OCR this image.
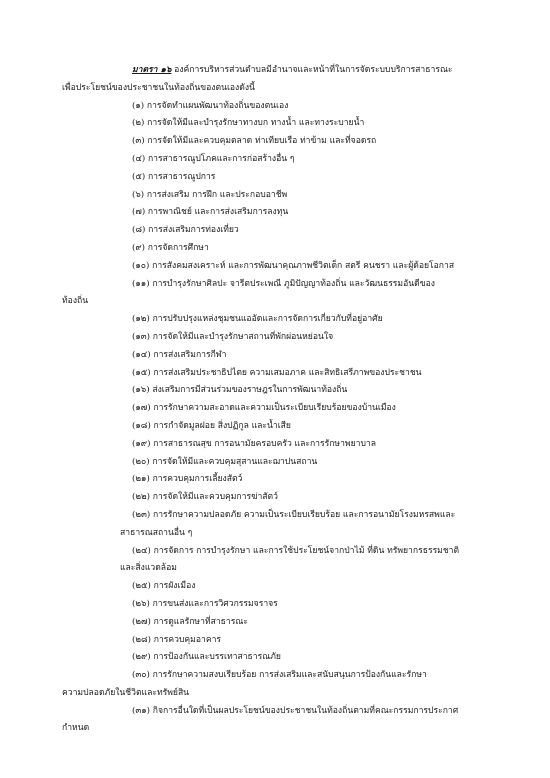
มาตรา ๑๖ องค์การบริหารส่วนตำบลมีอำนาจและหน้าที่ในการจัดระบบบริการสาธารณะ
เพื่อประโยชน์ของประชาชนในท้องถิ่นของตนเองดังนี้
(๑) การจัดทำแผนพัฒนาท้องถิ่นของตนเอง
(๒) การจัดให้มีและบำรุงรักษาทางบก ทางน้ำ และทางระบายน้ำ
(๓) การจัดให้มีและควบคุมตลาด ท่าเทียบเรือ ท่าข้าม และที่จอดรถ
(๔) การสาธารณูปโภคและการก่อสร้างอื่น ๆ
(๕) การสาธารณูปการ
(๖) การส่งเสริม การฝึก และประกอบอาชีพ
(๗) การพาณิชย์ และการส่งเสริมการลงทุน
(๘) การส่งเสริมการท่องเที่ยว
(๙) การจัดการศึกษา
(๑๐) การสังคมสงเคราะห์ และการพัฒนาคุณภาพชีวิตเด็ก สตรี คนชรา และผู้ด้อยโอกาส
(๑๑) การบำรุงรักษาศิลปะ จารีตประเพณี ภูมิปัญญาท้องถิ่น และวัฒนธรรมอันดีของ
ท้องถิ่น
(๑๒) การปรับปรุงแหล่งชุมชนแออัดและการจัดการเกี่ยวกับที่อยู่อาศัย
(๑๓) การจัดให้มีและบำรุงรักษาสถานที่พักผ่อนหย่อนใจ
(๑๔) การส่งเสริมการกีฬา
(๑๕) การส่งเสริมประชาธิปไตย ความเสมอภาค และสิทธิเสรีภาพของประชาชน
(๑๖) ส่งเสริมการมีส่วนร่วมของราษฎรในการพัฒนาท้องถิ่น
(๑๗) การรักษาความสะอาดและความเป็นระเบียบเรียบร้อยของบ้านเมือง
(๑๘) การกำจัดมูลฝอย สิ่งปฏิกูล และน้ำเสีย
(๑๙) การสาธารณสุข การอนามัยครอบครัว และการรักษาพยาบาล
(๒๐) การจัดให้มีและควบคุมสุสานและฌาปนสถาน
(๒๑) การควบคุมการเลี้ยงสัตว์
(๒๒) การจัดให้มีและควบคุมการฆ่าสัตว์
(๒๓) การรักษาความปลอดภัย ความเป็นระเบียบเรียบร้อย และการอนามัยโรงมหรสพและ
สาธารณสถานอื่น ๆ
(๒๔) การจัดการ การบำรุงรักษา และการใช้ประโยชน์จากป่าไม้ ที่ดิน ทรัพยากรธรรมชาติ
และสิ่งแวดล้อม
(๒๕) การผังเมือง
(๒๖) การขนส่งและการวิศวกรรมจราจร
(๒๗) การดูแลรักษาที่สาธารณะ
(๒๘) การควบคุมอาคาร
(๒๙) การป้องกันและบรรเทาสาธารณภัย
(๓๐) การรักษาความสงบเรียบร้อย การส่งเสริมและสนับสนุนการป้องกันและรักษา
ความปลอดภัยในชีวิตและทรัพย์สิน
(๓๑) กิจการอื่นใดที่เป็นผลประโยชน์ของประชาชนในท้องถิ่นตามที่คณะกรรมการประกาศ
กำหนด
